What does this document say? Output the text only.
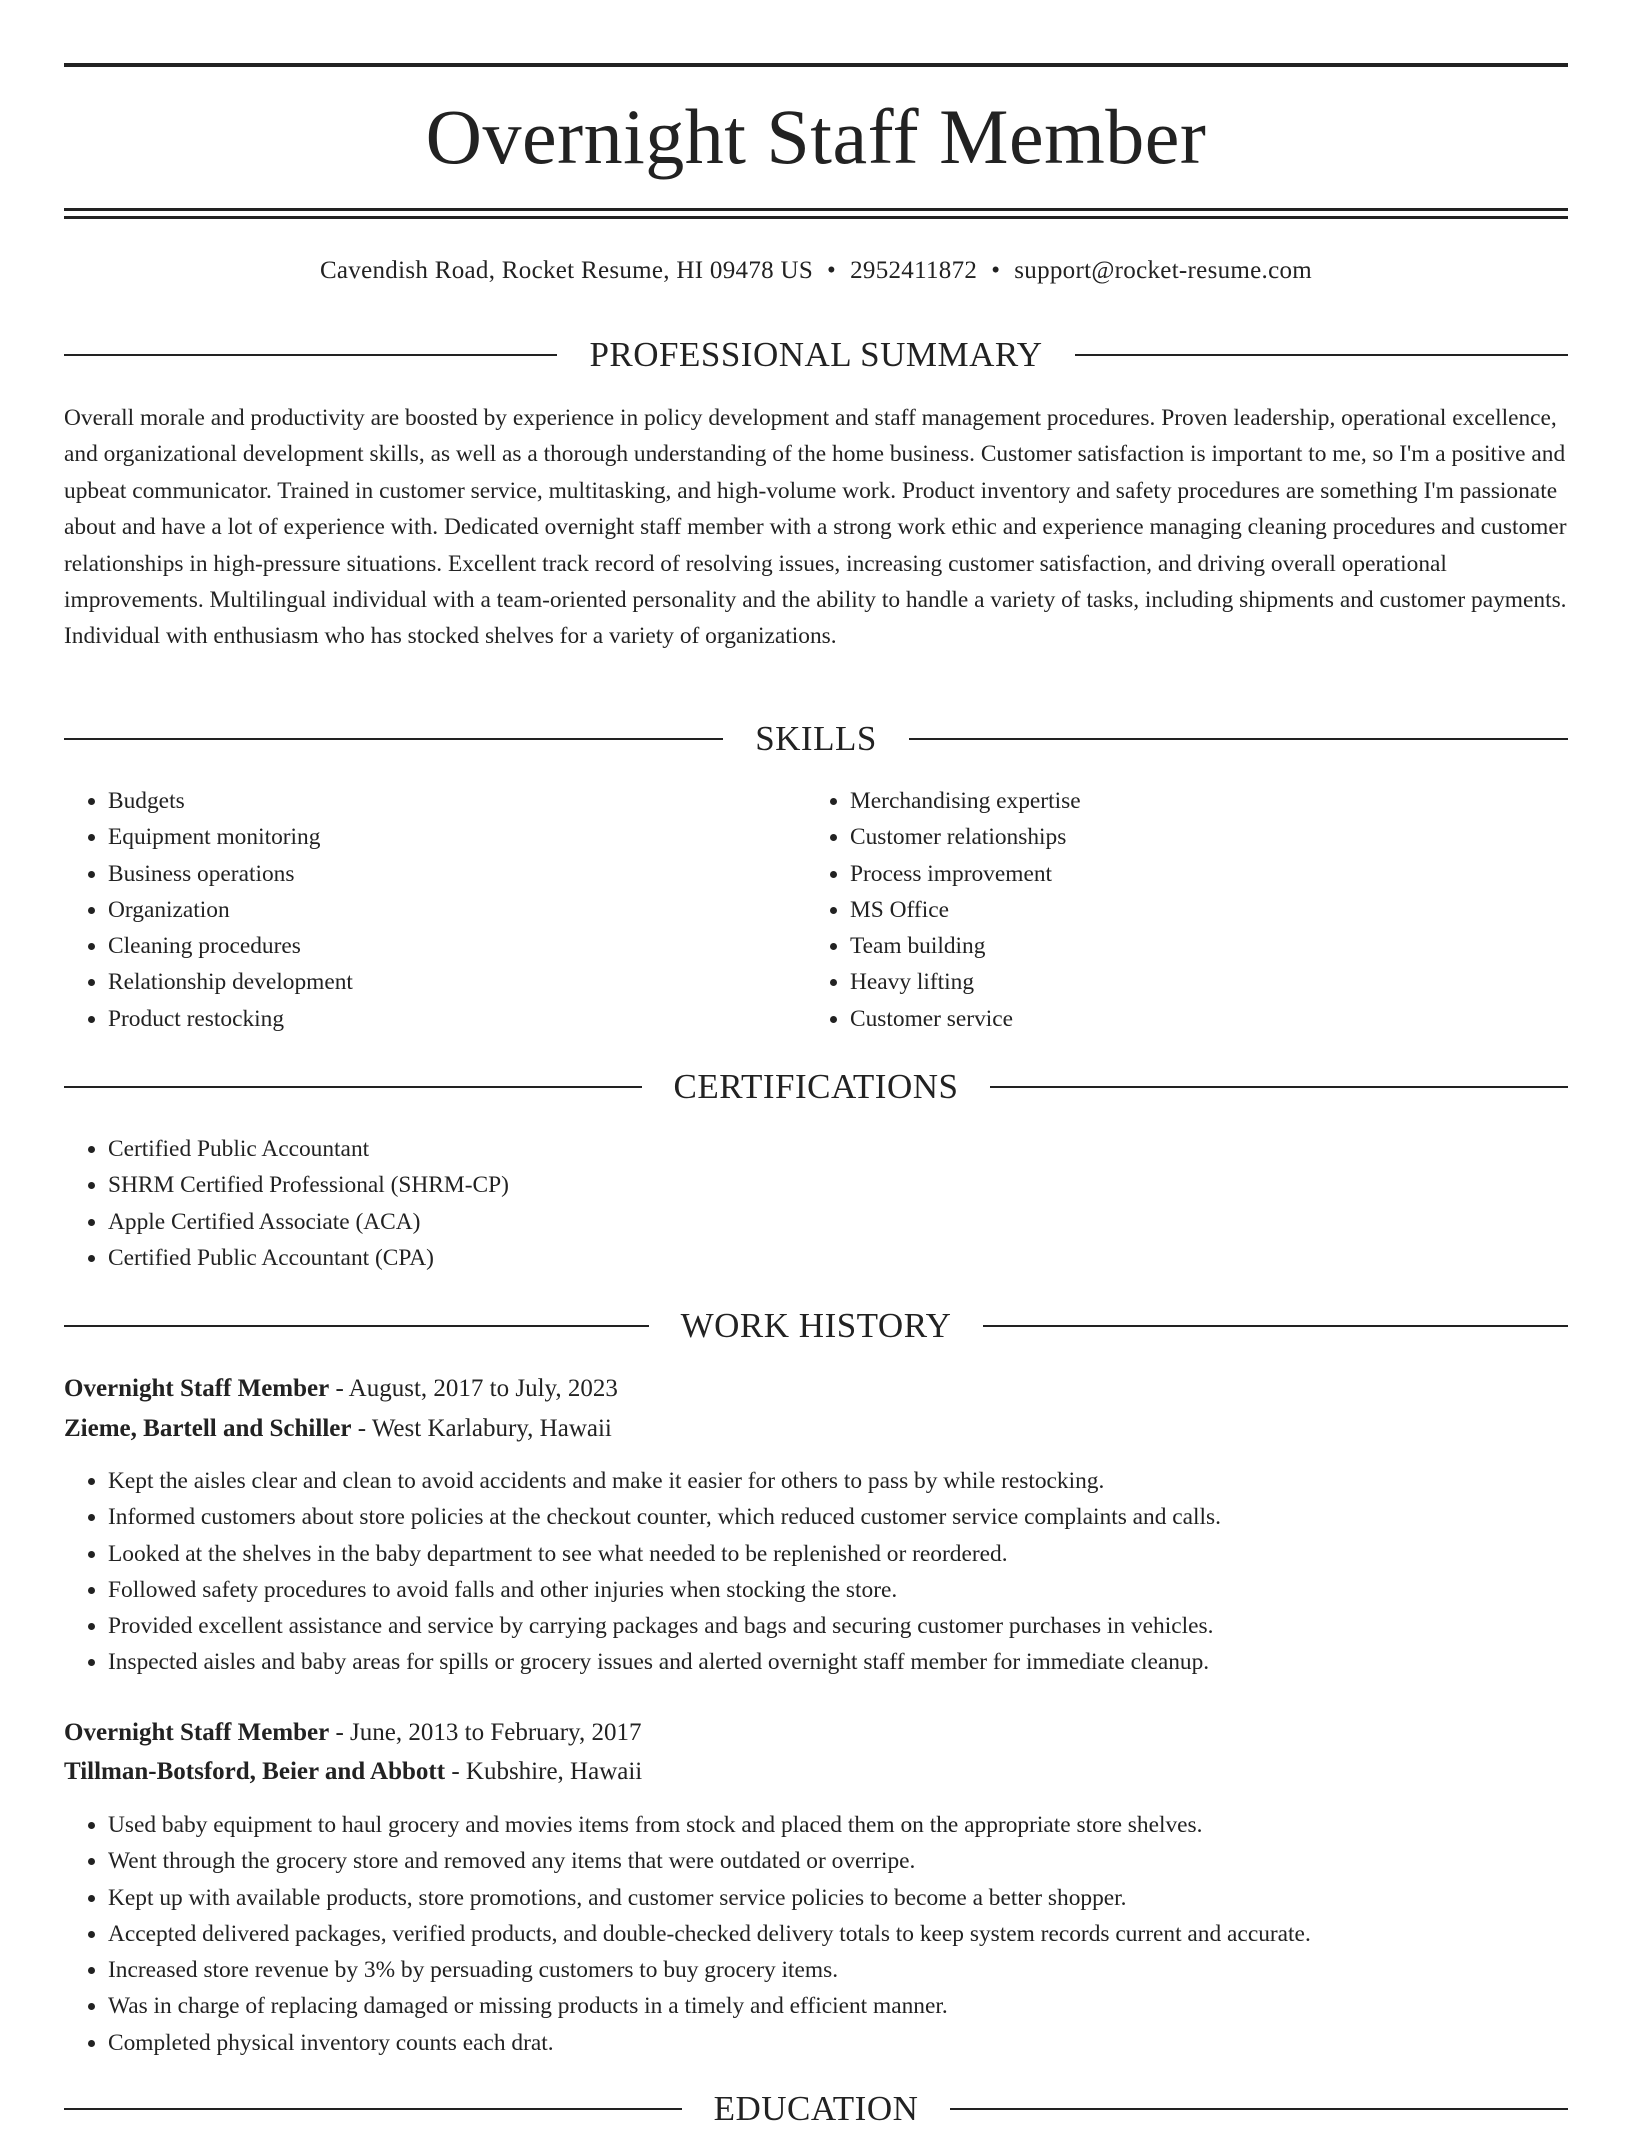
Overnight Staff Member
Cavendish Road, Rocket Resume, HI 09478 US • 2952411872 • support@rocket-resume.com
PROFESSIONAL SUMMARY

Overall morale and productivity are boosted by experience in policy development and staff management procedures. Proven leadership, operational excellence, and organizational development skills, as well as a thorough understanding of the home business. Customer satisfaction is important to me, so I'm a positive and upbeat communicator. Trained in customer service, multitasking, and high-volume work. Product inventory and safety procedures are something I'm passionate about and have a lot of experience with. Dedicated overnight staff member with a strong work ethic and experience managing cleaning procedures and customer relationships in high-pressure situations. Excellent track record of resolving issues, increasing customer satisfaction, and driving overall operational improvements. Multilingual individual with a team-oriented personality and the ability to handle a variety of tasks, including shipments and customer payments. Individual with enthusiasm who has stocked shelves for a variety of organizations.

SKILLS
• Budgets
• Equipment monitoring
• Business operations
• Organization
• Cleaning procedures
• Relationship development
• Product restocking
• Merchandising expertise
• Customer relationships
• Process improvement
• MS Office
• Team building
• Heavy lifting
• Customer service
CERTIFICATIONS
• Certified Public Accountant
• SHRM Certified Professional (SHRM-CP)
• Apple Certified Associate (ACA)
• Certified Public Accountant (CPA)
WORK HISTORY
Overnight Staff Member - August, 2017 to July, 2023
Zieme, Bartell and Schiller - West Karlabury, Hawaii
• Kept the aisles clear and clean to avoid accidents and make it easier for others to pass by while restocking.
• Informed customers about store policies at the checkout counter, which reduced customer service complaints and calls.
• Looked at the shelves in the baby department to see what needed to be replenished or reordered.
• Followed safety procedures to avoid falls and other injuries when stocking the store.
• Provided excellent assistance and service by carrying packages and bags and securing customer purchases in vehicles.
• Inspected aisles and baby areas for spills or grocery issues and alerted overnight staff member for immediate cleanup.
Overnight Staff Member - June, 2013 to February, 2017
Tillman-Botsford, Beier and Abbott - Kubshire, Hawaii
• Used baby equipment to haul grocery and movies items from stock and placed them on the appropriate store shelves.
• Went through the grocery store and removed any items that were outdated or overripe.
• Kept up with available products, store promotions, and customer service policies to become a better shopper.
• Accepted delivered packages, verified products, and double-checked delivery totals to keep system records current and accurate.
• Increased store revenue by 3% by persuading customers to buy grocery items.
• Was in charge of replacing damaged or missing products in a timely and efficient manner.
• Completed physical inventory counts each drat.
EDUCATION
